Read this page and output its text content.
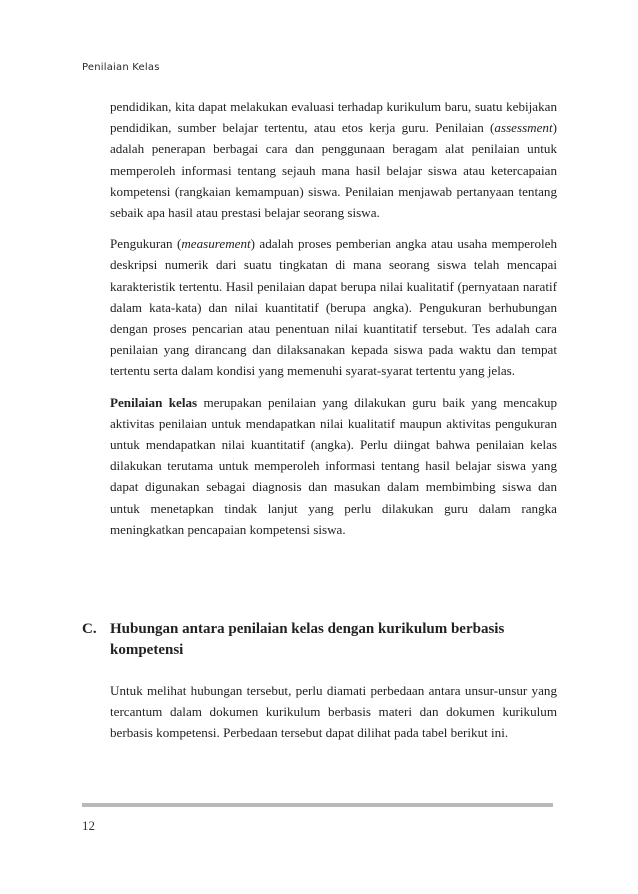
Penilaian Kelas

pendidikan, kita dapat melakukan evaluasi terhadap kurikulum baru, suatu kebijakan pendidikan, sumber belajar tertentu, atau etos kerja guru. Penilaian (assessment) adalah penerapan berbagai cara dan penggunaan beragam alat penilaian untuk memperoleh informasi tentang sejauh mana hasil belajar siswa atau ketercapaian kompetensi (rangkaian kemampuan) siswa. Penilaian menjawab pertanyaan tentang sebaik apa hasil atau prestasi belajar seorang siswa.

Pengukuran (measurement) adalah proses pemberian angka atau usaha memperoleh deskripsi numerik dari suatu tingkatan di mana seorang siswa telah mencapai karakteristik tertentu. Hasil penilaian dapat berupa nilai kualitatif (pernyataan naratif dalam kata-kata) dan nilai kuantitatif (berupa angka). Pengukuran berhubungan dengan proses pencarian atau penentuan nilai kuantitatif tersebut. Tes adalah cara penilaian yang dirancang dan dilaksanakan kepada siswa pada waktu dan tempat tertentu serta dalam kondisi yang memenuhi syarat-syarat tertentu yang jelas.

Penilaian kelas merupakan penilaian yang dilakukan guru baik yang mencakup aktivitas penilaian untuk mendapatkan nilai kualitatif maupun aktivitas pengukuran untuk mendapatkan nilai kuantitatif (angka). Perlu diingat bahwa penilaian kelas dilakukan terutama untuk memperoleh informasi tentang hasil belajar siswa yang dapat digunakan sebagai diagnosis dan masukan dalam membimbing siswa dan untuk menetapkan tindak lanjut yang perlu dilakukan guru dalam rangka meningkatkan pencapaian kompetensi siswa.

C. Hubungan antara penilaian kelas dengan kurikulum berbasis kompetensi

Untuk melihat hubungan tersebut, perlu diamati perbedaan antara unsur-unsur yang tercantum dalam dokumen kurikulum berbasis materi dan dokumen kurikulum berbasis kompetensi. Perbedaan tersebut dapat dilihat pada tabel berikut ini.

12
